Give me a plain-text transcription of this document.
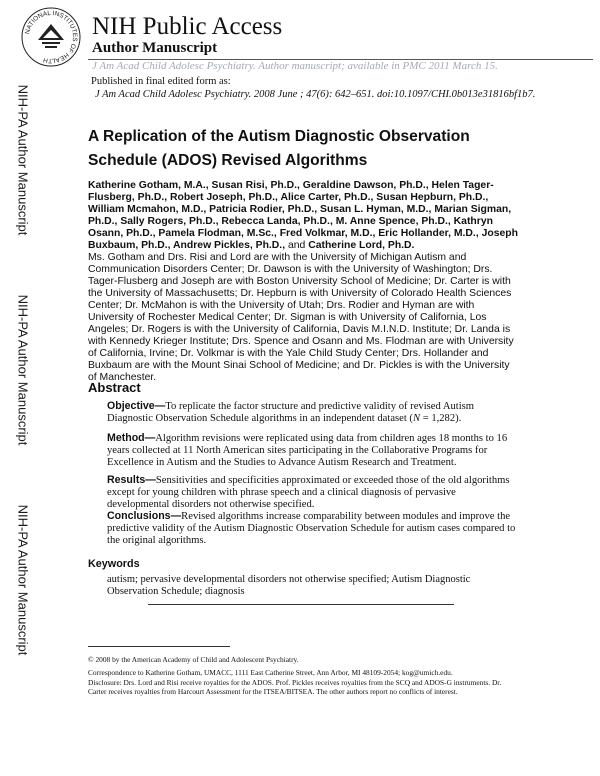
NATIONAL INSTITUTES OF HEALTH
NIH Public Access
Author Manuscript
J Am Acad Child Adolesc Psychiatry. Author manuscript; available in PMC 2011 March 15.
Published in final edited form as:
J Am Acad Child Adolesc Psychiatry. 2008 June ; 47(6): 642–651. doi:10.1097/CHI.0b013e31816bf1b7.
NIH-PA Author Manuscript
NIH-PA Author Manuscript
NIH-PA Author Manuscript
A Replication of the Autism Diagnostic Observation Schedule (ADOS) Revised Algorithms
Katherine Gotham, M.A., Susan Risi, Ph.D., Geraldine Dawson, Ph.D., Helen Tager-Flusberg, Ph.D., Robert Joseph, Ph.D., Alice Carter, Ph.D., Susan Hepburn, Ph.D., William Mcmahon, M.D., Patricia Rodier, Ph.D., Susan L. Hyman, M.D., Marian Sigman, Ph.D., Sally Rogers, Ph.D., Rebecca Landa, Ph.D., M. Anne Spence, Ph.D., Kathryn Osann, Ph.D., Pamela Flodman, M.Sc., Fred Volkmar, M.D., Eric Hollander, M.D., Joseph Buxbaum, Ph.D., Andrew Pickles, Ph.D., and Catherine Lord, Ph.D.
Ms. Gotham and Drs. Risi and Lord are with the University of Michigan Autism and Communication Disorders Center; Dr. Dawson is with the University of Washington; Drs. Tager-Flusberg and Joseph are with Boston University School of Medicine; Dr. Carter is with the University of Massachusetts; Dr. Hepburn is with University of Colorado Health Sciences Center; Dr. McMahon is with the University of Utah; Drs. Rodier and Hyman are with University of Rochester Medical Center; Dr. Sigman is with University of California, Los Angeles; Dr. Rogers is with the University of California, Davis M.I.N.D. Institute; Dr. Landa is with Kennedy Krieger Institute; Drs. Spence and Osann and Ms. Flodman are with University of California, Irvine; Dr. Volkmar is with the Yale Child Study Center; Drs. Hollander and Buxbaum are with the Mount Sinai School of Medicine; and Dr. Pickles is with the University of Manchester.
Abstract
Objective—To replicate the factor structure and predictive validity of revised Autism Diagnostic Observation Schedule algorithms in an independent dataset (N = 1,282).
Method—Algorithm revisions were replicated using data from children ages 18 months to 16 years collected at 11 North American sites participating in the Collaborative Programs for Excellence in Autism and the Studies to Advance Autism Research and Treatment.
Results—Sensitivities and specificities approximated or exceeded those of the old algorithms except for young children with phrase speech and a clinical diagnosis of pervasive developmental disorders not otherwise specified.
Conclusions—Revised algorithms increase comparability between modules and improve the predictive validity of the Autism Diagnostic Observation Schedule for autism cases compared to the original algorithms.
Keywords
autism; pervasive developmental disorders not otherwise specified; Autism Diagnostic Observation Schedule; diagnosis
© 2008 by the American Academy of Child and Adolescent Psychiatry.
Correspondence to Katherine Gotham, UMACC, 1111 East Catherine Street, Ann Arbor, MI 48109-2054; kog@umich.edu.
Disclosure: Drs. Lord and Risi receive royalties for the ADOS. Prof. Pickles receives royalties from the SCQ and ADOS-G instruments. Dr. Carter receives royalties from Harcourt Assessment for the ITSEA/BITSEA. The other authors report no conflicts of interest.
